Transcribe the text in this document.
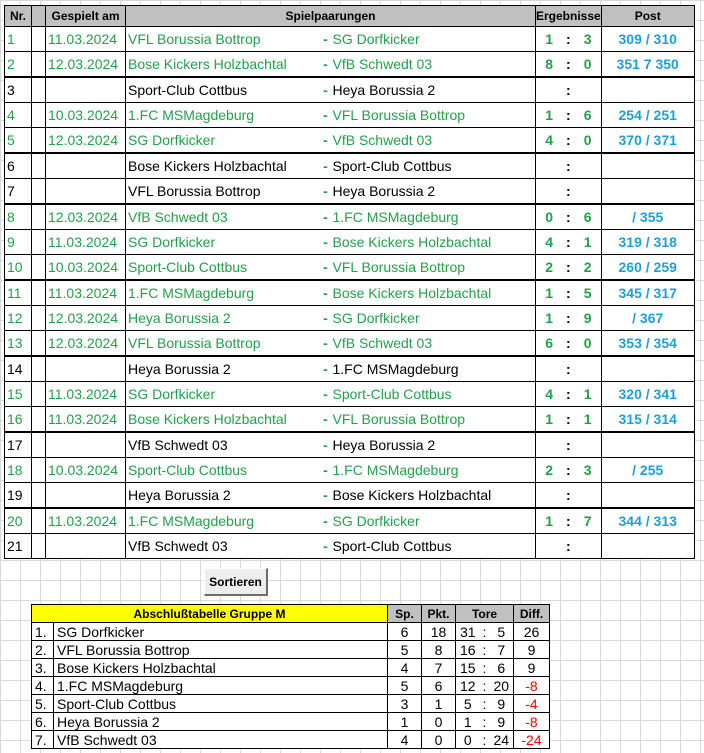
Nr.		Gespielt am	Spielpaarungen			Ergebnisse			Post
1		11.03.2024	VFL Borussia Bottrop	-	SG Dorfkicker	1	:	3	309 / 310
2		12.03.2024	Bose Kickers Holzbachtal	-	VfB Schwedt 03	8	:	0	351 7 350
3			Sport-Club Cottbus	-	Heya Borussia 2		:		
4		10.03.2024	1.FC MSMagdeburg	-	VFL Borussia Bottrop	1	:	6	254 / 251
5		12.03.2024	SG Dorfkicker	-	VfB Schwedt 03	4	:	0	370 / 371
6			Bose Kickers Holzbachtal	-	Sport-Club Cottbus		:		
7			VFL Borussia Bottrop	-	Heya Borussia 2		:		
8		12.03.2024	VfB Schwedt 03	-	1.FC MSMagdeburg	0	:	6	/ 355
9		11.03.2024	SG Dorfkicker	-	Bose Kickers Holzbachtal	4	:	1	319 / 318
10		10.03.2024	Sport-Club Cottbus	-	VFL Borussia Bottrop	2	:	2	260 / 259
11		11.03.2024	1.FC MSMagdeburg	-	Bose Kickers Holzbachtal	1	:	5	345 / 317
12		12.03.2024	Heya Borussia 2	-	SG Dorfkicker	1	:	9	/ 367
13		12.03.2024	VFL Borussia Bottrop	-	VfB Schwedt 03	6	:	0	353 / 354
14			Heya Borussia 2	-	1.FC MSMagdeburg		:		
15		11.03.2024	SG Dorfkicker	-	Sport-Club Cottbus	4	:	1	320 / 341
16		11.03.2024	Bose Kickers Holzbachtal	-	VFL Borussia Bottrop	1	:	1	315 / 314
17			VfB Schwedt 03	-	Heya Borussia 2		:		
18		10.03.2024	Sport-Club Cottbus	-	1.FC MSMagdeburg	2	:	3	/ 255
19			Heya Borussia 2	-	Bose Kickers Holzbachtal		:		
20		11.03.2024	1.FC MSMagdeburg	-	SG Dorfkicker	1	:	7	344 / 313
21			VfB Schwedt 03	-	Sport-Club Cottbus		:		
Sortieren
Abschlußtabelle Gruppe M		Sp.	Pkt.	Tore			Diff.
1.	SG Dorfkicker	6	18	31	:	5	26
2.	VFL Borussia Bottrop	5	8	16	:	7	9
3.	Bose Kickers Holzbachtal	4	7	15	:	6	9
4.	1.FC MSMagdeburg	5	6	12	:	20	-8
5.	Sport-Club Cottbus	3	1	5	:	9	-4
6.	Heya Borussia 2	1	0	1	:	9	-8
7.	VfB Schwedt 03	4	0	0	:	24	-24
